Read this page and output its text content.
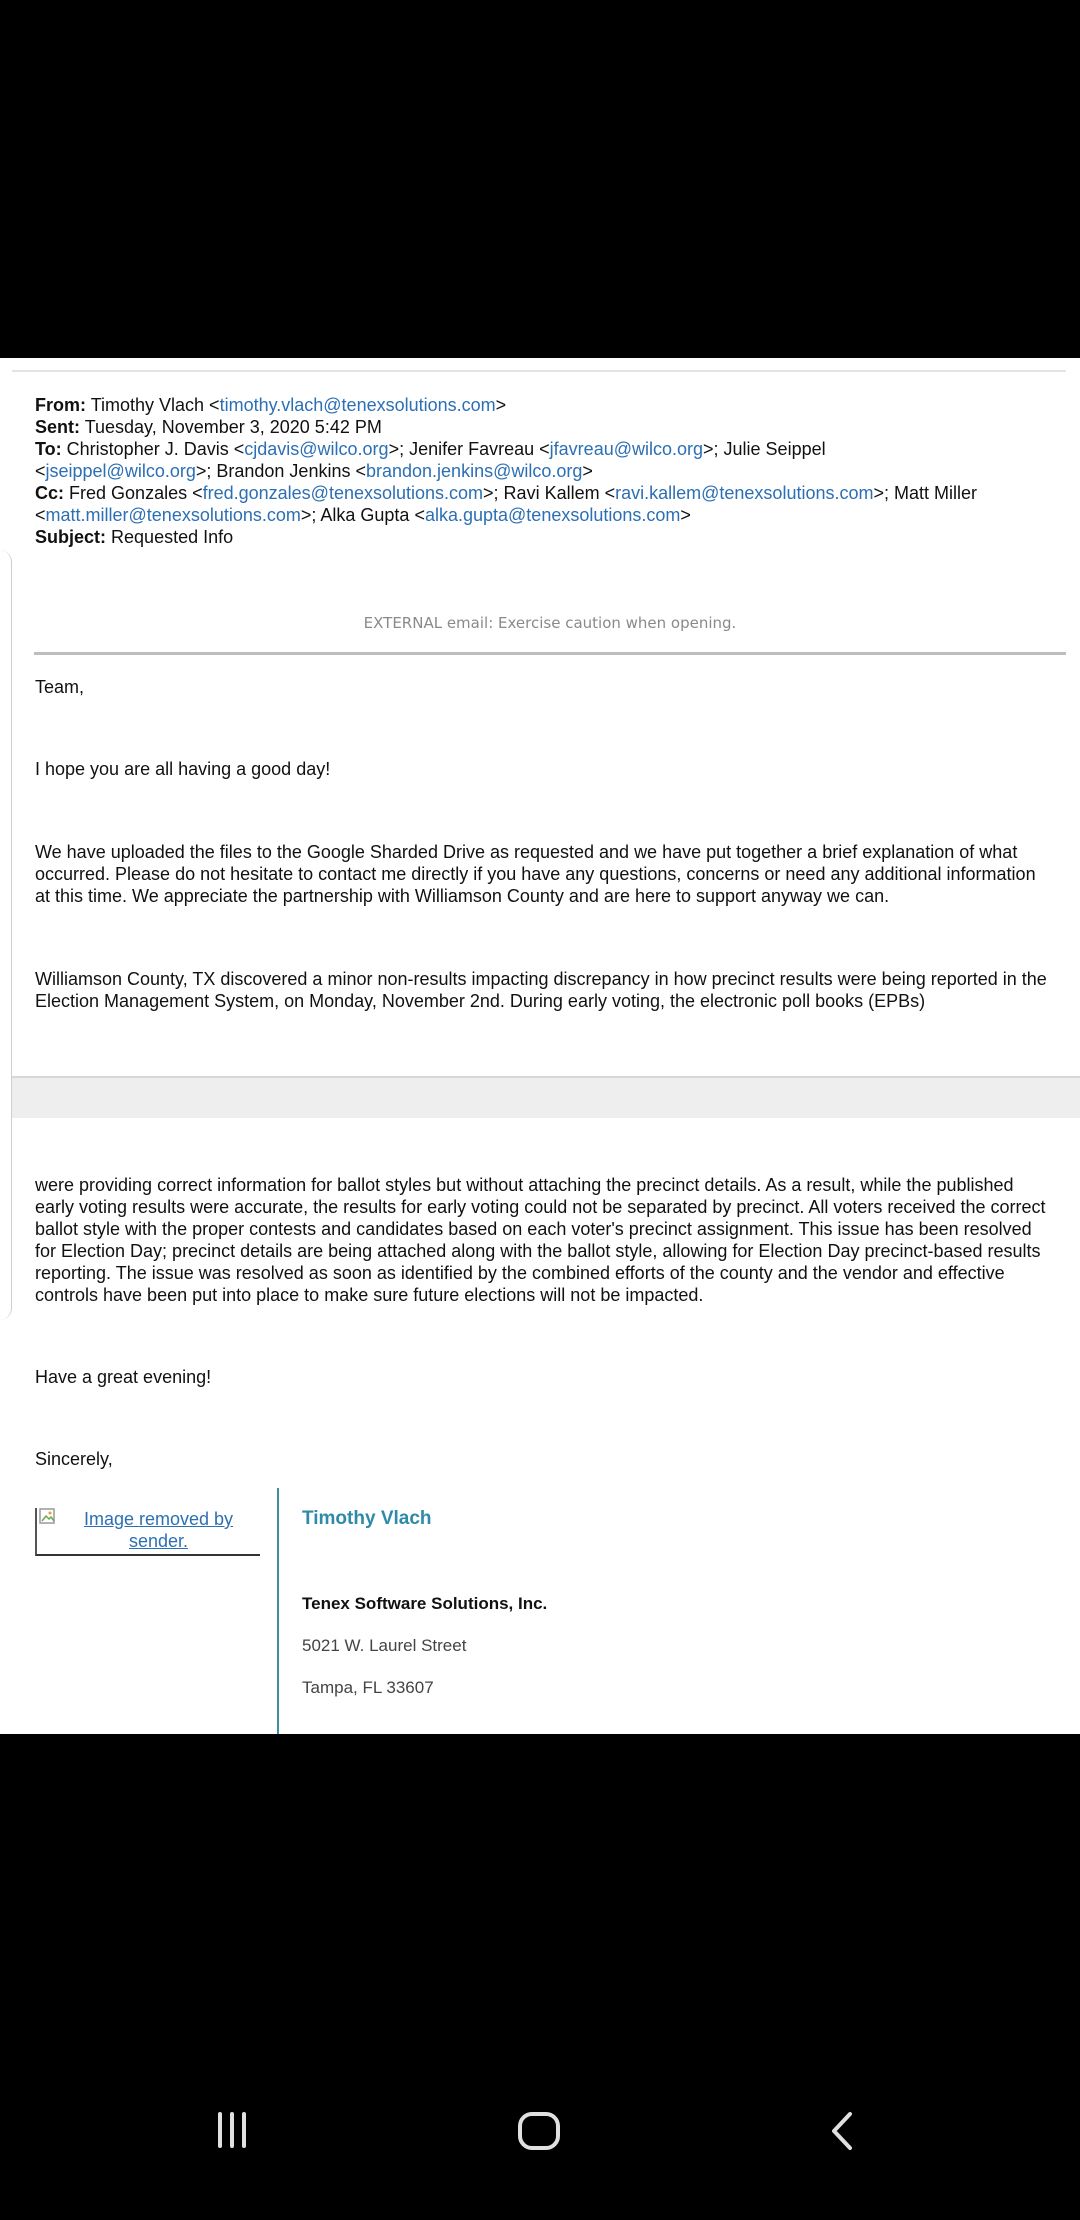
From: Timothy Vlach <timothy.vlach@tenexsolutions.com>
Sent: Tuesday, November 3, 2020 5:42 PM
To: Christopher J. Davis <cjdavis@wilco.org>; Jenifer Favreau <jfavreau@wilco.org>; Julie Seippel
<jseippel@wilco.org>; Brandon Jenkins <brandon.jenkins@wilco.org>
Cc: Fred Gonzales <fred.gonzales@tenexsolutions.com>; Ravi Kallem <ravi.kallem@tenexsolutions.com>; Matt Miller
<matt.miller@tenexsolutions.com>; Alka Gupta <alka.gupta@tenexsolutions.com>
Subject: Requested Info
EXTERNAL email: Exercise caution when opening.
Team,
I hope you are all having a good day!
We have uploaded the files to the Google Sharded Drive as requested and we have put together a brief explanation of what occurred. Please do not hesitate to contact me directly if you have any questions, concerns or need any additional information at this time. We appreciate the partnership with Williamson County and are here to support anyway we can.
Williamson County, TX discovered a minor non-results impacting discrepancy in how precinct results were being reported in the Election Management System, on Monday, November 2nd. During early voting, the electronic poll books (EPBs)
were providing correct information for ballot styles but without attaching the precinct details. As a result, while the published early voting results were accurate, the results for early voting could not be separated by precinct. All voters received the correct ballot style with the proper contests and candidates based on each voter's precinct assignment. This issue has been resolved for Election Day; precinct details are being attached along with the ballot style, allowing for Election Day precinct-based results reporting. The issue was resolved as soon as identified by the combined efforts of the county and the vendor and effective controls have been put into place to make sure future elections will not be impacted.
Have a great evening!
Sincerely,
Image removed by sender.
Timothy Vlach
Tenex Software Solutions, Inc.
5021 W. Laurel Street
Tampa, FL 33607
